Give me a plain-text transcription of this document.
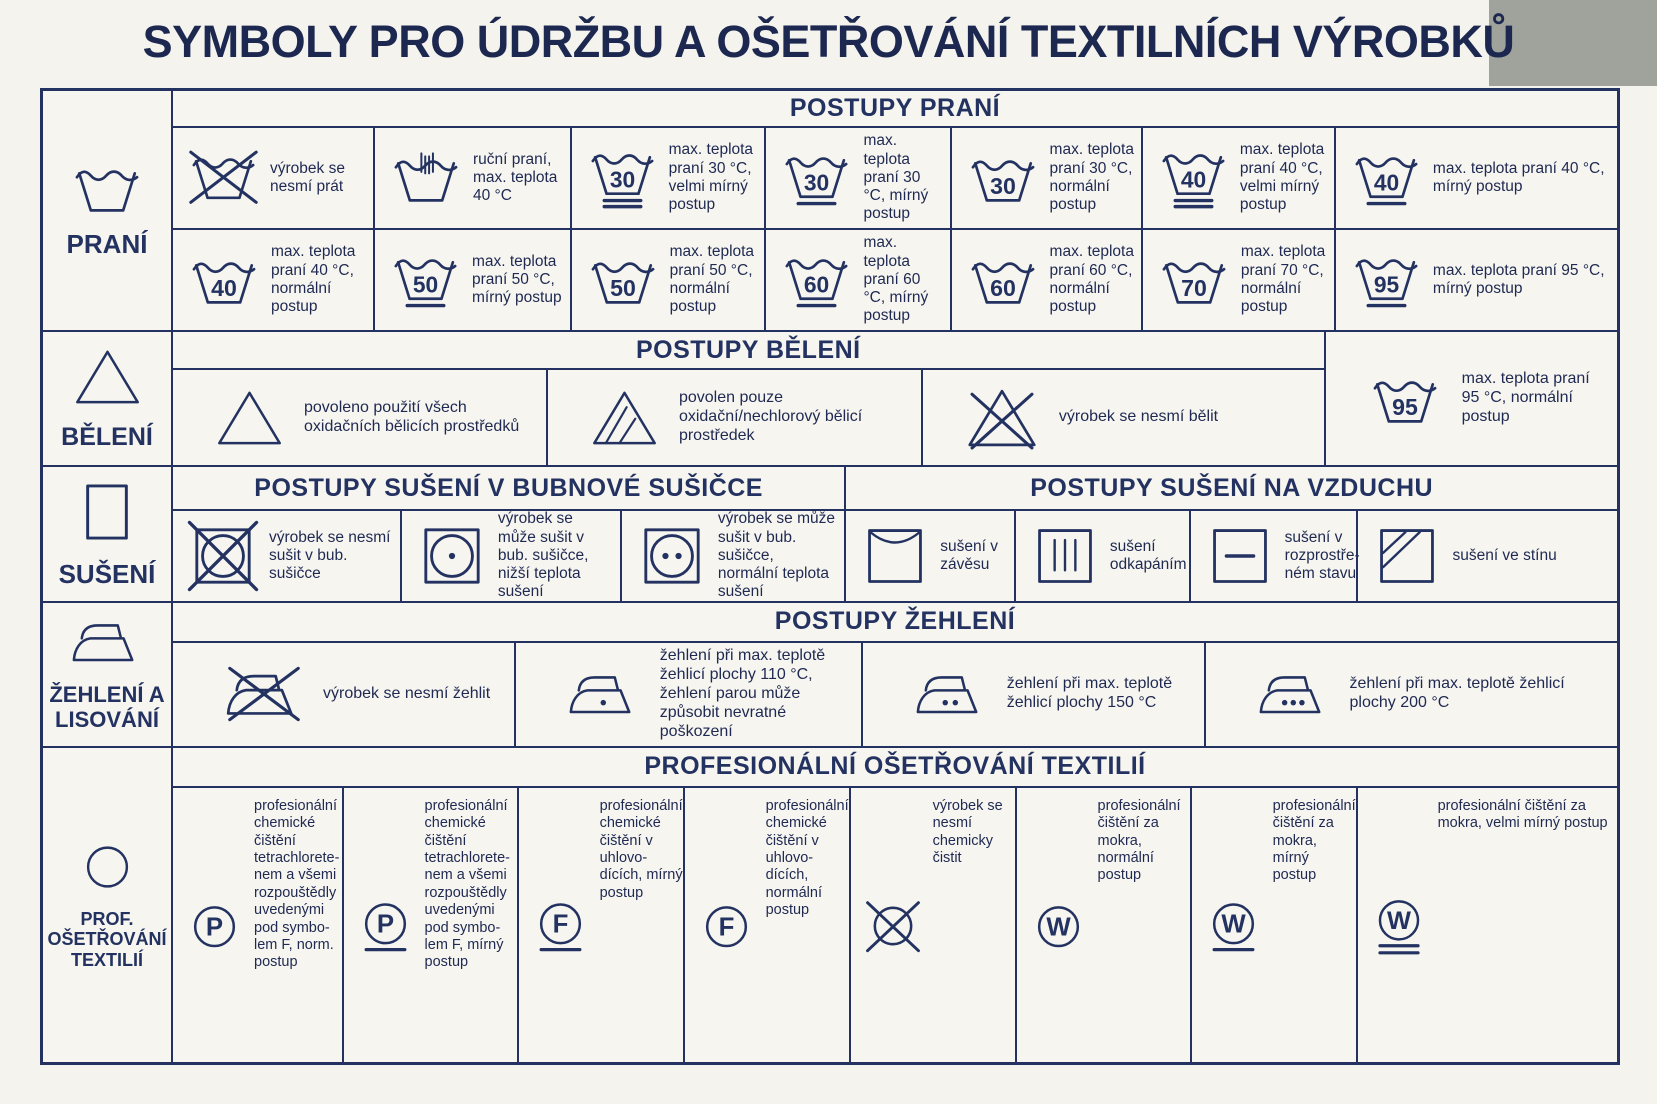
SYMBOLY PRO ÚDRŽBU A OŠETŘOVÁNÍ TEXTILNÍCH VÝROBKŮ
PRANÍ
POSTUPY PRANÍ
výrobek se nesmí prát
ruční praní, max. teplota 40 °C
30
max. teplota praní 30 °C, velmi mírný postup
30
max. teplota praní 30 °C, mírný postup
30
max. teplota praní 30 °C, normální postup
40
max. teplota praní 40 °C, velmi mírný postup
40
max. teplota praní 40 °C, mírný postup
40
max. teplota praní 40 °C, normální postup
50
max. teplota praní 50 °C, mírný postup 50
max. teplota praní 50 °C, normální postup
60
max. teplota praní 60 °C, mírný postup
60
max. teplota praní 60 °C, normální postup
70
max. teplota praní 70 °C, normální postup
95
max. teplota praní 95 °C, mírný postup
BĚLENÍ
POSTUPY BĚLENÍ
povoleno použití všech oxidačních bělicích prostředků
povolen pouze oxidační/nechlorový bělicí prostředek
výrobek se nesmí bělit	95
max. teplota praní 95 °C, normální postup
SUŠENÍ
POSTUPY SUŠENÍ V BUBNOVÉ SUŠIČCE
výrobek se nesmí sušit v bub. sušičce
výrobek se může sušit v bub. sušičce, nižší teplota sušení
výrobek se může sušit v bub. sušičce, normální teplota sušení
POSTUPY SUŠENÍ NA VZDUCHU
sušení v závěsu
sušení odkapáním
sušení v rozprostře-ném stavu
sušení ve stínu
ŽEHLENÍ A LISOVÁNÍ
POSTUPY ŽEHLENÍ
výrobek se nesmí žehlit
žehlení při max. teplotě žehlicí plochy 110 °C, žehlení parou může způsobit nevratné poškození
žehlení při max. teplotě žehlicí plochy 150 °C
žehlení při max. teplotě žehlicí plochy 200 °C
PROF. OŠETŘOVÁNÍ TEXTILIÍ
PROFESIONÁLNÍ OŠETŘOVÁNÍ TEXTILIÍ
P
profesionální chemické čištění tetrachlorete-nem a všemi rozpouštědly uvedenými pod symbo-lem F, norm. postup
P
profesionální chemické čištění tetrachlorete-nem a všemi rozpouštědly uvedenými pod symbo-lem F, mírný postup
F
profesionální chemické čištění v uhlovo-dících, mírný postup
F
profesionální chemické čištění v uhlovo-dících, normální postup
výrobek se nesmí chemicky čistit
W
profesionální čištění za mokra, normální postup
W
profesionální čištění za mokra, mírný postup
W
profesionální čištění za mokra, velmi mírný postup
